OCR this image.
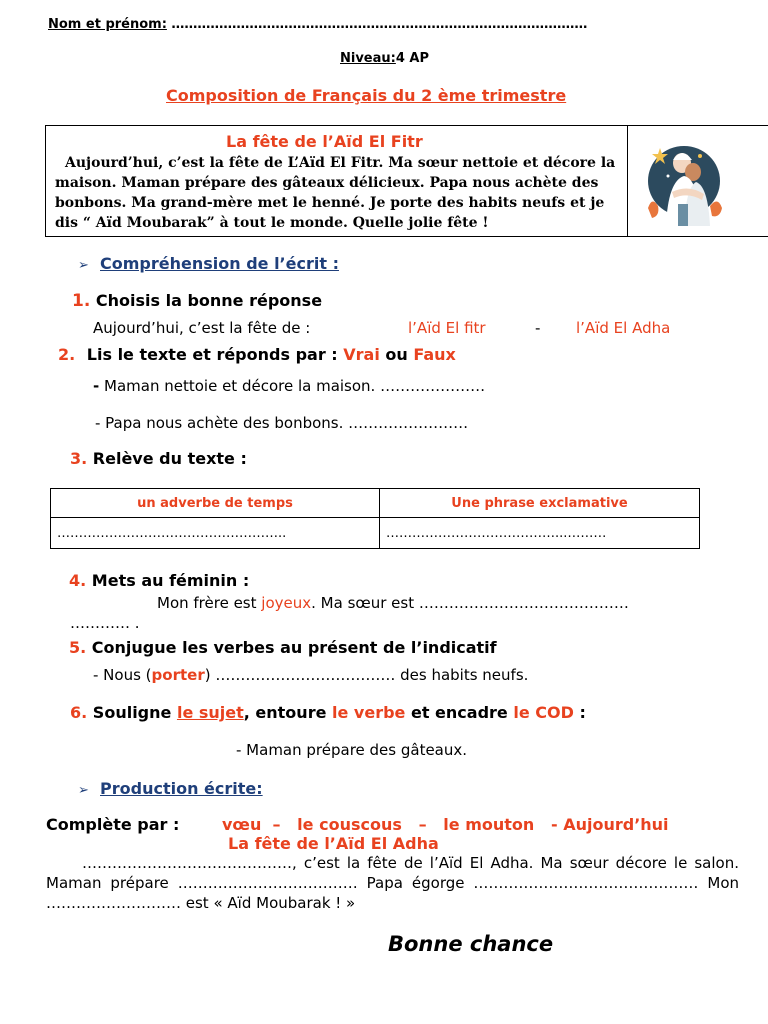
Nom et prénom: ……………………………………………………………………………………
Niveau:4 AP
Composition de Français du 2 ème trimestre
La fête de l’Aïd El Fitr
Aujourd’hui, c’est la fête de L’Aïd El Fitr. Ma sœur nettoie et décore la maison. Maman prépare des gâteaux délicieux. Papa nous achète des bonbons. Ma grand-mère met le henné. Je porte des habits neufs et je dis “ Aïd Moubarak” à tout le monde. Quelle jolie fête !
➢ Compréhension de l’écrit :
1. Choisis la bonne réponse
Aujourd’hui, c’est la fête de :	l’Aïd El fitr	- l’Aïd El Adha
2. Lis le texte et réponds par : Vrai ou Faux
- Maman nettoie et décore la maison. …………………
- Papa nous achète des bonbons. ……………………
3. Relève du texte :
un adverbe de temps	Une phrase exclamative
……………………………………………..	…………………………………...………
4. Mets au féminin :
Mon frère est joyeux. Ma sœur est ……………………………………
………… .
5. Conjugue les verbes au présent de l’indicatif
- Nous (porter) ……………………………… des habits neufs.
6. Souligne le sujet, entoure le verbe et encadre le COD :
- Maman prépare des gâteaux.
➢ Production écrite:
Complète par :	vœu  –   le couscous   –   le mouton   - Aujourd’hui
La fête de l’Aïd El Adha
……………………………………, c’est la fête de l’Aïd El Adha. Ma sœur décore le salon. Maman prépare ……………………………… Papa égorge ……………………………………… Mon ……………………… est « Aïd Moubarak ! »
Bonne chance
